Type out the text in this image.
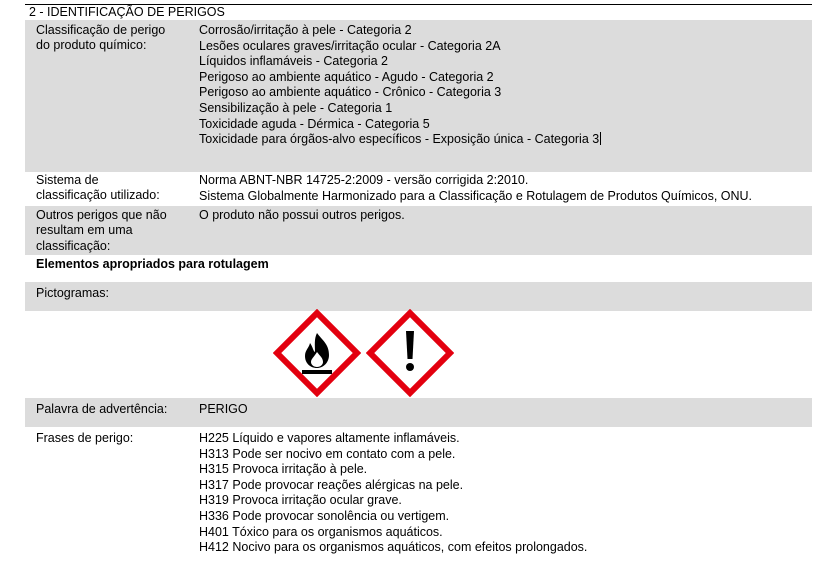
2 - IDENTIFICAÇÃO DE PERIGOS
Classificação de perigo
do produto químico:
Corrosão/irritação à pele - Categoria 2
Lesões oculares graves/irritação ocular - Categoria 2A
Líquidos inflamáveis - Categoria 2
Perigoso ao ambiente aquático - Agudo - Categoria 2
Perigoso ao ambiente aquático - Crônico - Categoria 3
Sensibilização à pele - Categoria 1
Toxicidade aguda - Dérmica - Categoria 5
Toxicidade para órgãos-alvo específicos - Exposição única - Categoria 3
Sistema de
classificação utilizado:
Norma ABNT-NBR 14725-2:2009 - versão corrigida 2:2010.
Sistema Globalmente Harmonizado para a Classificação e Rotulagem de Produtos Químicos, ONU.
Outros perigos que não
resultam em uma
classificação:
O produto não possui outros perigos.
Elementos apropriados para rotulagem
Pictogramas:
Palavra de advertência:	PERIGO
Frases de perigo:	H225 Líquido e vapores altamente inflamáveis.
H313 Pode ser nocivo em contato com a pele.
H315 Provoca irritação à pele.
H317 Pode provocar reações alérgicas na pele.
H319 Provoca irritação ocular grave.
H336 Pode provocar sonolência ou vertigem.
H401 Tóxico para os organismos aquáticos.
H412 Nocivo para os organismos aquáticos, com efeitos prolongados.
